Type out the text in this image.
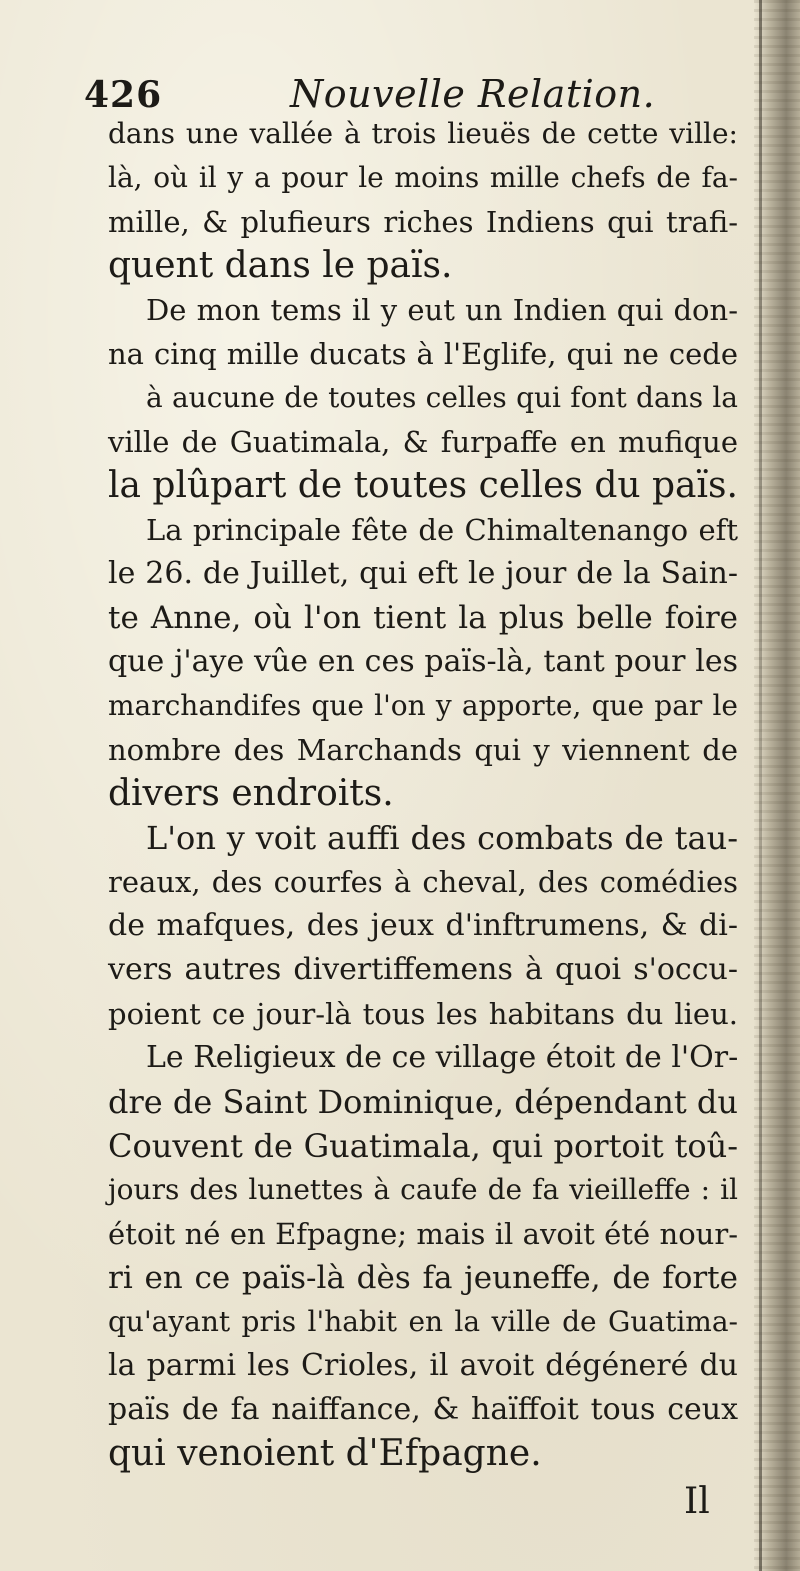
426	Nouvelle Relation.
dans une vallée à trois lieuës de cette ville:
là, où il y a pour le moins mille chefs de fa-
mille, & plufieurs riches Indiens qui trafi-
quent dans le païs.
De mon tems il y eut un Indien qui don-
na cinq mille ducats à l'Eglife, qui ne cede
à aucune de toutes celles qui font dans la
ville de Guatimala, & furpaffe en mufique
la plûpart de toutes celles du païs.
La principale fête de Chimaltenango eft
le 26. de Juillet, qui eft le jour de la Sain-
te Anne, où l'on tient la plus belle foire
que j'aye vûe en ces païs-là, tant pour les
marchandifes que l'on y apporte, que par le
nombre des Marchands qui y viennent de
divers endroits.
L'on y voit auffi des combats de tau-
reaux, des courfes à cheval, des comédies
de mafques, des jeux d'inftrumens, & di-
vers autres divertiffemens à quoi s'occu-
poient ce jour-là tous les habitans du lieu.
Le Religieux de ce village étoit de l'Or-
dre de Saint Dominique, dépendant du
Couvent de Guatimala, qui portoit toû-
jours des lunettes à caufe de fa vieilleffe : il
étoit né en Efpagne; mais il avoit été nour-
ri en ce païs-là dès fa jeuneffe, de forte
qu'ayant pris l'habit en la ville de Guatima-
la parmi les Crioles, il avoit dégéneré du
païs de fa naiffance, & haïffoit tous ceux
qui venoient d'Efpagne.
Il
